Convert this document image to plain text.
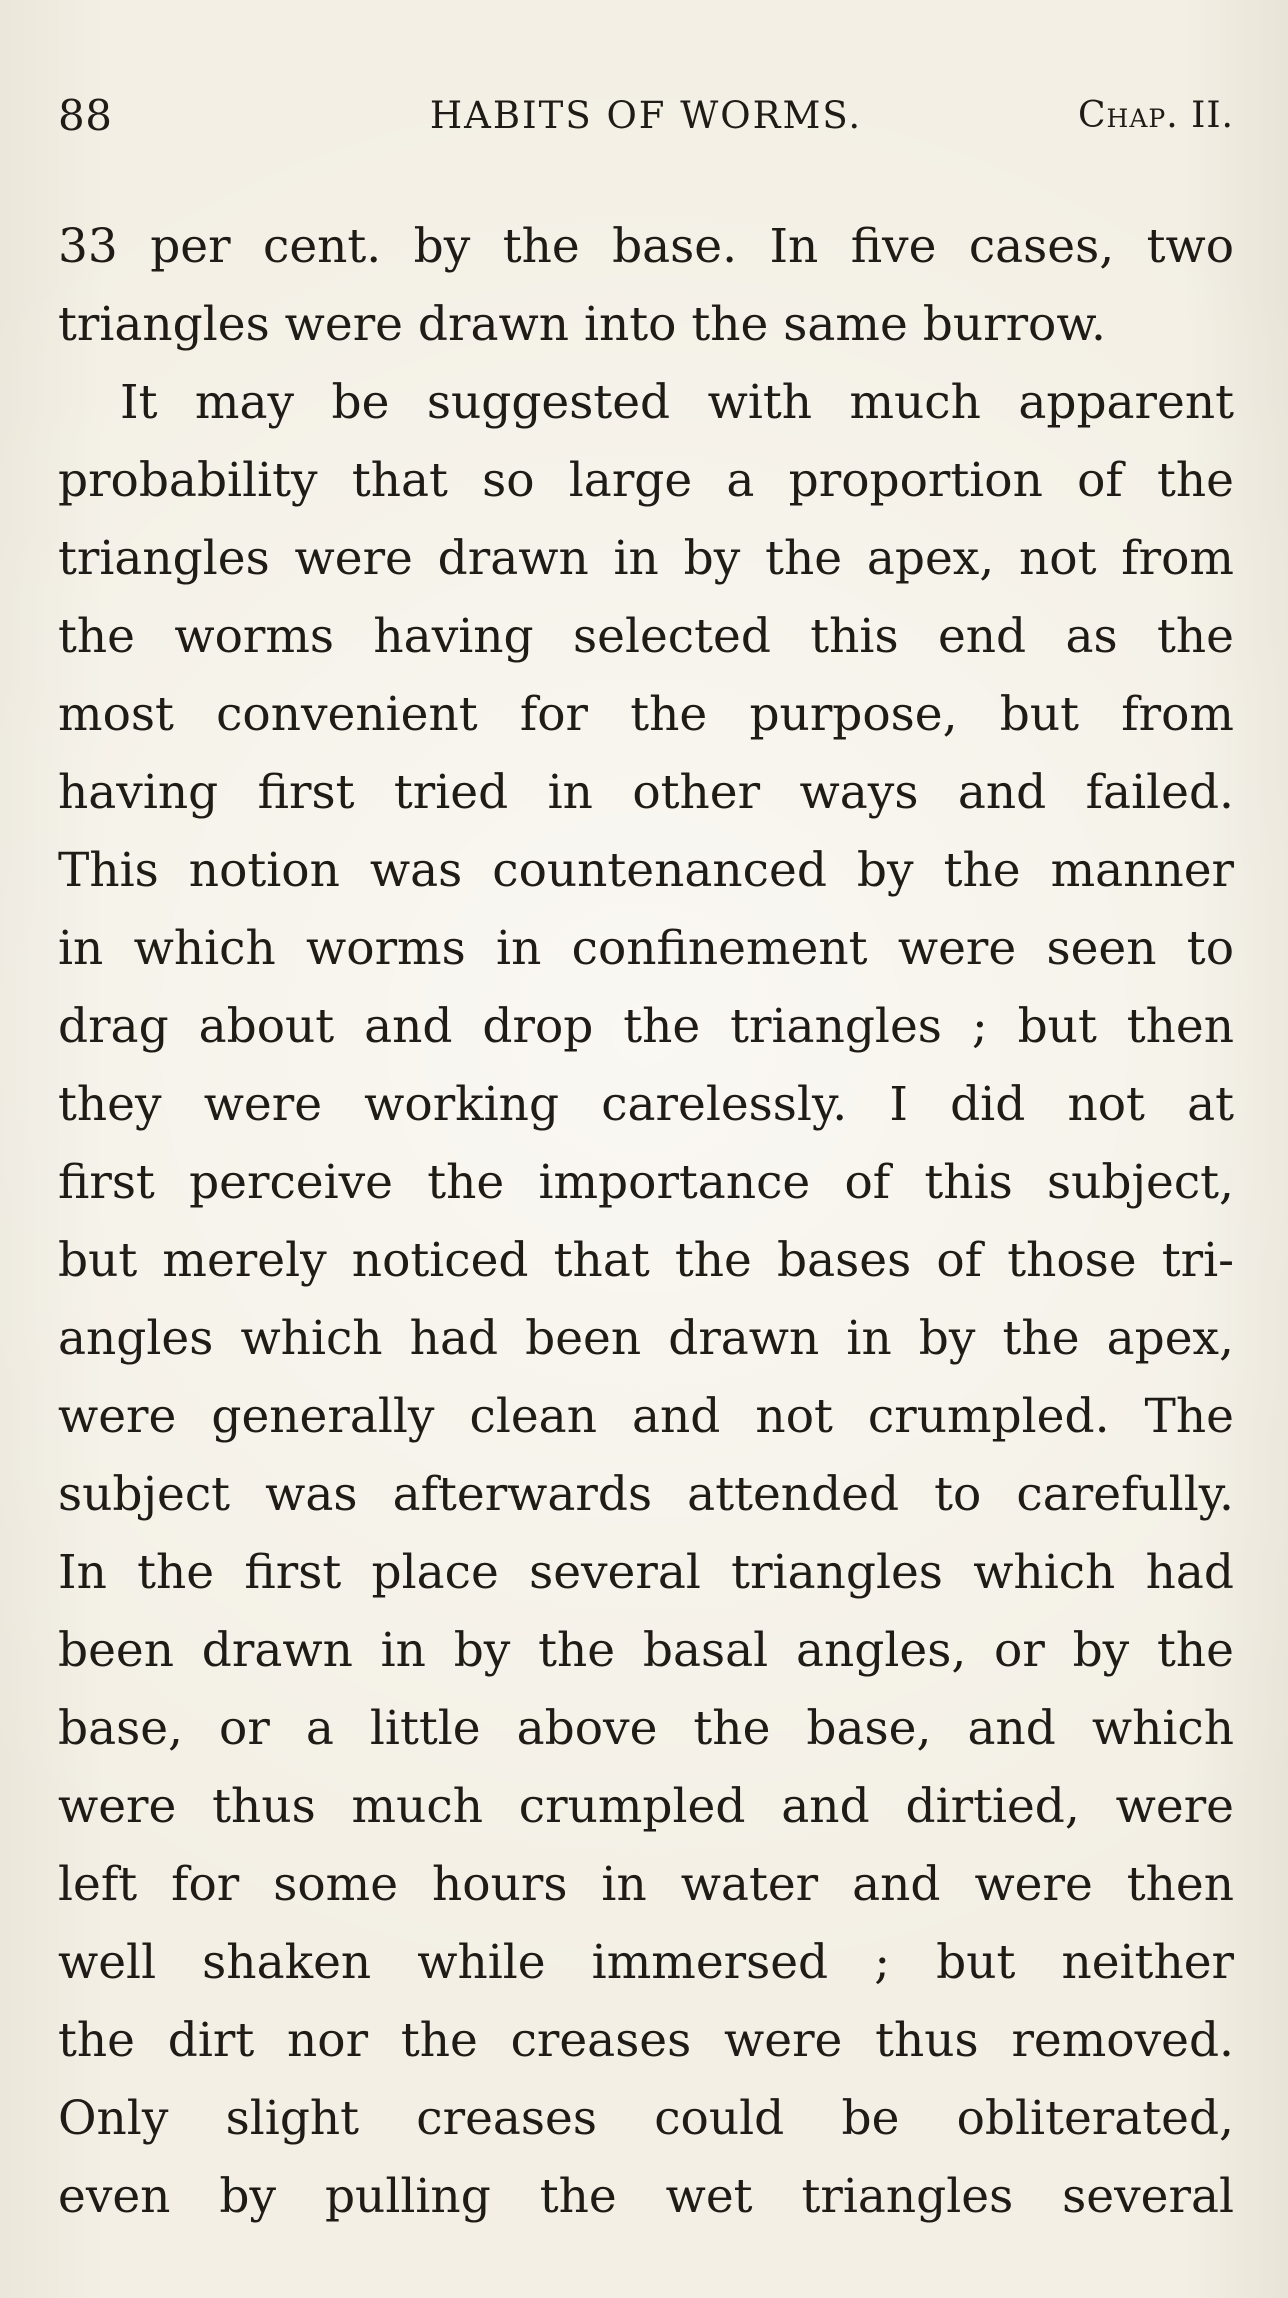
88	HABITS OF WORMS.	Chap. II.
33 per cent. by the base. In five cases, two
triangles were drawn into the same burrow.
It may be suggested with much apparent
probability that so large a proportion of the
triangles were drawn in by the apex, not from
the worms having selected this end as the
most convenient for the purpose, but from
having first tried in other ways and failed.
This notion was countenanced by the manner
in which worms in confinement were seen to
drag about and drop the triangles ; but then
they were working carelessly. I did not at
first perceive the importance of this subject,
but merely noticed that the bases of those tri-
angles which had been drawn in by the apex,
were generally clean and not crumpled. The
subject was afterwards attended to carefully.
In the first place several triangles which had
been drawn in by the basal angles, or by the
base, or a little above the base, and which
were thus much crumpled and dirtied, were
left for some hours in water and were then
well shaken while immersed ; but neither
the dirt nor the creases were thus removed.
Only slight creases could be obliterated,
even by pulling the wet triangles several
